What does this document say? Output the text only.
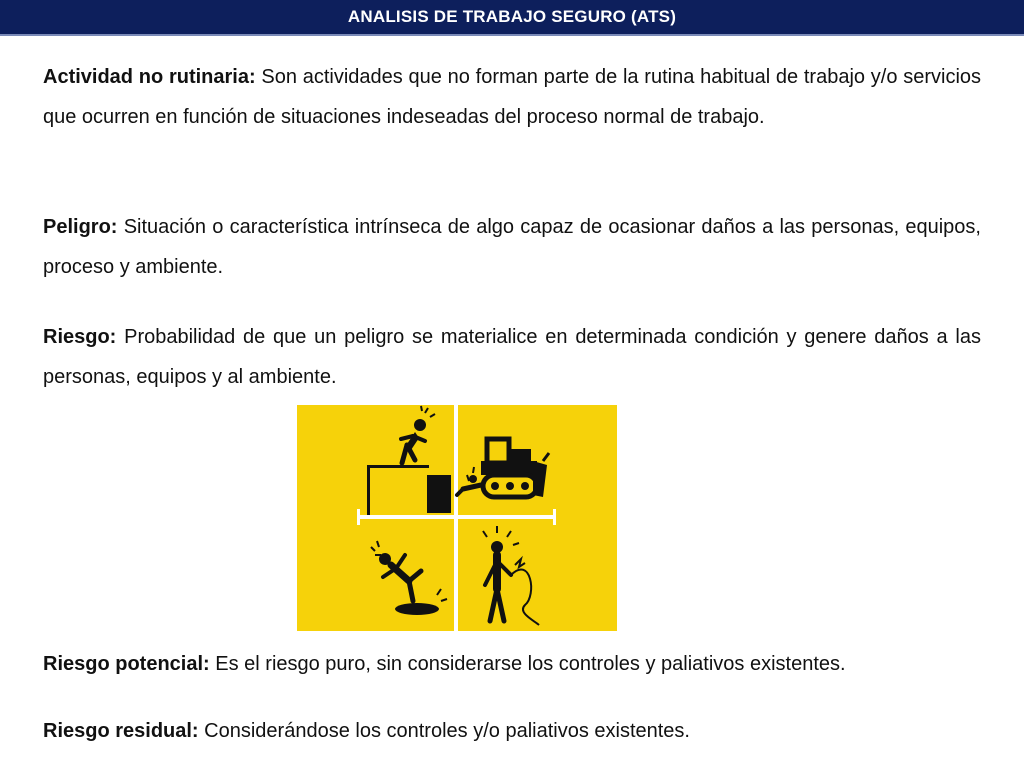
ANALISIS DE TRABAJO SEGURO (ATS)
Actividad no rutinaria: Son actividades que no forman parte de la rutina habitual de trabajo y/o servicios que ocurren en función de situaciones indeseadas del proceso normal de trabajo.
Peligro: Situación o característica intrínseca de algo capaz de ocasionar daños a las personas, equipos, proceso y ambiente.
Riesgo: Probabilidad de que un peligro se materialice en determinada condición y genere daños a las personas, equipos y al ambiente.
Riesgo potencial: Es el riesgo puro, sin considerarse los controles y paliativos existentes.
Riesgo residual: Considerándose los controles y/o paliativos existentes.
